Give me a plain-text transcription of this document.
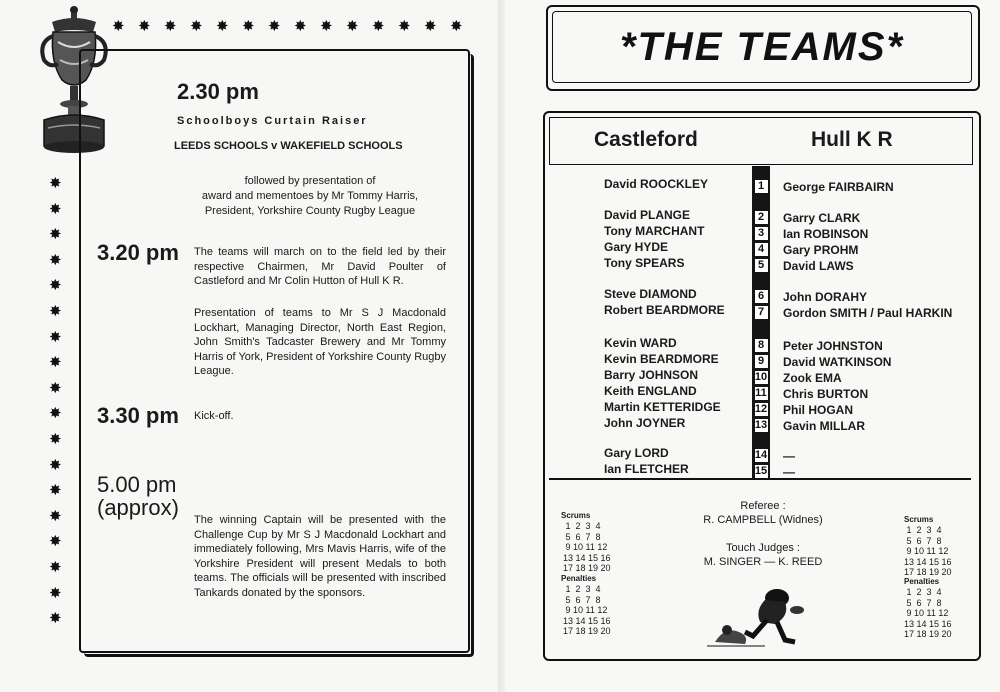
✸ ✸ ✸ ✸ ✸ ✸ ✸ ✸ ✸ ✸ ✸ ✸ ✸ ✸
✸
✸
✸
✸
✸
✸
✸
✸
✸
✸
✸
✸
✸
✸
✸
✸
✸
✸

2.30 pm

Schoolboys Curtain Raiser

LEEDS SCHOOLS v WAKEFIELD SCHOOLS

followed by presentation of

award and mementoes by Mr Tommy Harris,

President, Yorkshire County Rugby League

3.20 pm The teams will march on to the field led by their respective Chairmen, Mr David Poulter of Castleford and Mr Colin Hutton of Hull K R.

Presentation of teams to Mr S J Macdonald Lockhart, Managing Director, North East Region, John Smith's Tadcaster Brewery and Mr Tommy Harris of York, President of Yorkshire County Rugby League.

3.30 pm Kick-off.

5.00 pm

(approx) The winning Captain will be presented with the Challenge Cup by Mr S J Macdonald Lockhart and immediately following, Mrs Mavis Harris, wife of the Yorkshire President will present Medals to both teams. The officials will be presented with inscribed Tankards donated by the sponsors.

*THE TEAMS*
Castleford	Hull K R
David ROOCKLEY	1	George FAIRBAIRN
David PLANGE	2	Garry CLARK
Tony MARCHANT	3	Ian ROBINSON
Gary HYDE	4	Gary PROHM
Tony SPEARS	5	David LAWS
Steve DIAMOND	6	John DORAHY
Robert BEARDMORE	7	Gordon SMITH / Paul HARKIN
Kevin WARD	8	Peter JOHNSTON
Kevin BEARDMORE	9	David WATKINSON
Barry JOHNSON	10 Zook EMA
Keith ENGLAND	11 Chris BURTON
Martin KETTERIDGE	12 Phil HOGAN
John JOYNER	13 Gavin MILLAR
Gary LORD	14 —
Ian FLETCHER	15 —
Scrums
1  2  3  4
5  6  7  8
9 10 11 12
13 14 15 16
17 18 19 20
Penalties
1  2  3  4
5  6  7  8
9 10 11 12
13 14 15 16
17 18 19 20
Scrums
1  2  3  4
5  6  7  8
9 10 11 12
13 14 15 16
17 18 19 20
Penalties
1  2  3  4
5  6  7  8
9 10 11 12
13 14 15 16
17 18 19 20
Referee :
R. CAMPBELL (Widnes)
Touch Judges :
M. SINGER — K. REED
